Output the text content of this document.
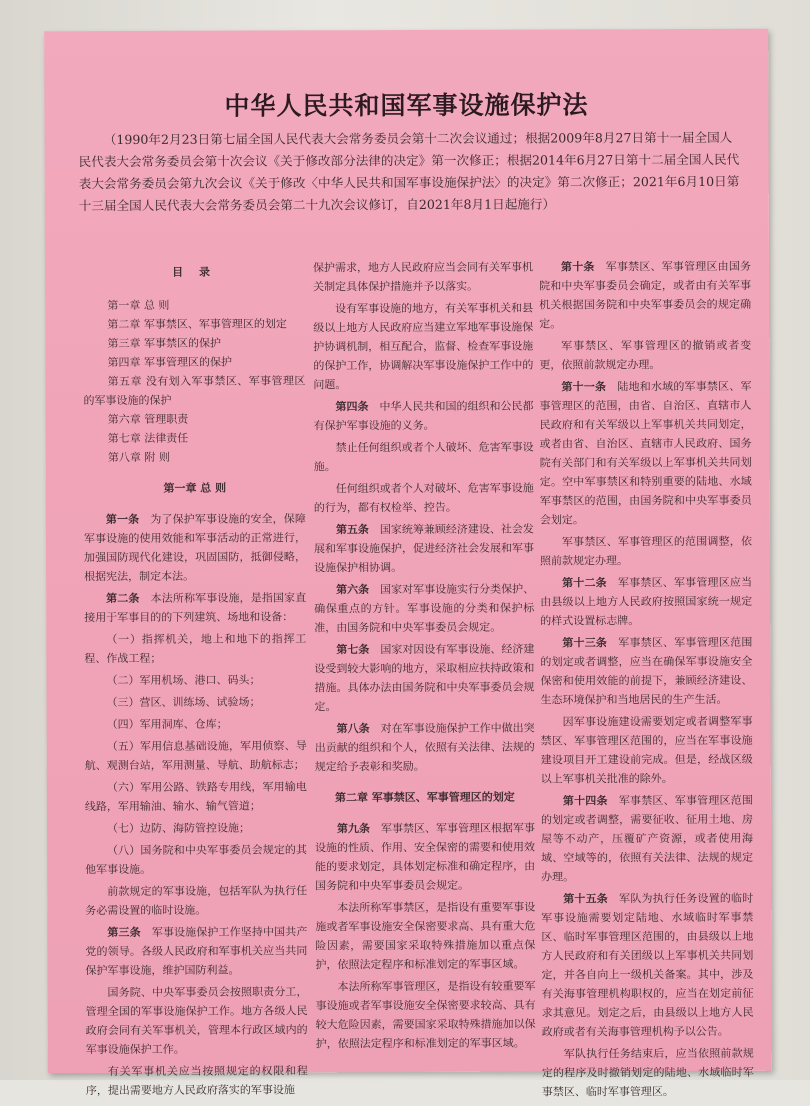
中华人民共和国军事设施保护法
（1990年2月23日第七届全国人民代表大会常务委员会第十二次会议通过；根据2009年8月27日第十一届全国人民代表大会常务委员会第十次会议《关于修改部分法律的决定》第一次修正；根据2014年6月27日第十二届全国人民代表大会常务委员会第九次会议《关于修改〈中华人民共和国军事设施保护法〉的决定》第二次修正；2021年6月10日第十三届全国人民代表大会常务委员会第二十九次会议修订，自2021年8月1日起施行）

目 录

第一章 总 则

第二章 军事禁区、军事管理区的划定

第三章 军事禁区的保护

第四章 军事管理区的保护

第五章 没有划入军事禁区、军事管理区的军事设施的保护

第六章 管理职责

第七章 法律责任

第八章 附 则

第一章 总 则

第一条　为了保护军事设施的安全，保障军事设施的使用效能和军事活动的正常进行，加强国防现代化建设，巩固国防，抵御侵略，根据宪法，制定本法。

第二条　本法所称军事设施，是指国家直接用于军事目的的下列建筑、场地和设备：

（一）指挥机关，地上和地下的指挥工程、作战工程；

（二）军用机场、港口、码头；

（三）营区、训练场、试验场；

（四）军用洞库、仓库；

（五）军用信息基础设施，军用侦察、导航、观测台站，军用测量、导航、助航标志；

（六）军用公路、铁路专用线，军用输电线路，军用输油、输水、输气管道；

（七）边防、海防管控设施；

（八）国务院和中央军事委员会规定的其他军事设施。

前款规定的军事设施，包括军队为执行任务必需设置的临时设施。

第三条　军事设施保护工作坚持中国共产党的领导。各级人民政府和军事机关应当共同保护军事设施，维护国防利益。

国务院、中央军事委员会按照职责分工，管理全国的军事设施保护工作。地方各级人民政府会同有关军事机关，管理本行政区域内的军事设施保护工作。

有关军事机关应当按照规定的权限和程序，提出需要地方人民政府落实的军事设施

保护需求，地方人民政府应当会同有关军事机关制定具体保护措施并予以落实。

设有军事设施的地方，有关军事机关和县级以上地方人民政府应当建立军地军事设施保护协调机制，相互配合，监督、检查军事设施的保护工作，协调解决军事设施保护工作中的问题。

第四条　中华人民共和国的组织和公民都有保护军事设施的义务。

禁止任何组织或者个人破坏、危害军事设施。

任何组织或者个人对破坏、危害军事设施的行为，都有权检举、控告。

第五条　国家统筹兼顾经济建设、社会发展和军事设施保护，促进经济社会发展和军事设施保护相协调。

第六条　国家对军事设施实行分类保护、确保重点的方针。军事设施的分类和保护标准，由国务院和中央军事委员会规定。

第七条　国家对因设有军事设施、经济建设受到较大影响的地方，采取相应扶持政策和措施。具体办法由国务院和中央军事委员会规定。

第八条　对在军事设施保护工作中做出突出贡献的组织和个人，依照有关法律、法规的规定给予表彰和奖励。

第二章 军事禁区、军事管理区的划定

第九条　军事禁区、军事管理区根据军事设施的性质、作用、安全保密的需要和使用效能的要求划定，具体划定标准和确定程序，由国务院和中央军事委员会规定。

本法所称军事禁区，是指设有重要军事设施或者军事设施安全保密要求高、具有重大危险因素，需要国家采取特殊措施加以重点保护，依照法定程序和标准划定的军事区域。

本法所称军事管理区，是指设有较重要军事设施或者军事设施安全保密要求较高、具有较大危险因素，需要国家采取特殊措施加以保护，依照法定程序和标准划定的军事区域。

第十条　军事禁区、军事管理区由国务院和中央军事委员会确定，或者由有关军事机关根据国务院和中央军事委员会的规定确定。

军事禁区、军事管理区的撤销或者变更，依照前款规定办理。

第十一条　陆地和水域的军事禁区、军事管理区的范围，由省、自治区、直辖市人民政府和有关军级以上军事机关共同划定，或者由省、自治区、直辖市人民政府、国务院有关部门和有关军级以上军事机关共同划定。空中军事禁区和特别重要的陆地、水域军事禁区的范围，由国务院和中央军事委员会划定。

军事禁区、军事管理区的范围调整，依照前款规定办理。

第十二条　军事禁区、军事管理区应当由县级以上地方人民政府按照国家统一规定的样式设置标志牌。

第十三条　军事禁区、军事管理区范围的划定或者调整，应当在确保军事设施安全保密和使用效能的前提下，兼顾经济建设、生态环境保护和当地居民的生产生活。

因军事设施建设需要划定或者调整军事禁区、军事管理区范围的，应当在军事设施建设项目开工建设前完成。但是，经战区级以上军事机关批准的除外。

第十四条　军事禁区、军事管理区范围的划定或者调整，需要征收、征用土地、房屋等不动产，压覆矿产资源，或者使用海域、空域等的，依照有关法律、法规的规定办理。

第十五条　军队为执行任务设置的临时军事设施需要划定陆地、水域临时军事禁区、临时军事管理区范围的，由县级以上地方人民政府和有关团级以上军事机关共同划定，并各自向上一级机关备案。其中，涉及有关海事管理机构职权的，应当在划定前征求其意见。划定之后，由县级以上地方人民政府或者有关海事管理机构予以公告。

军队执行任务结束后，应当依照前款规定的程序及时撤销划定的陆地、水域临时军事禁区、临时军事管理区。
